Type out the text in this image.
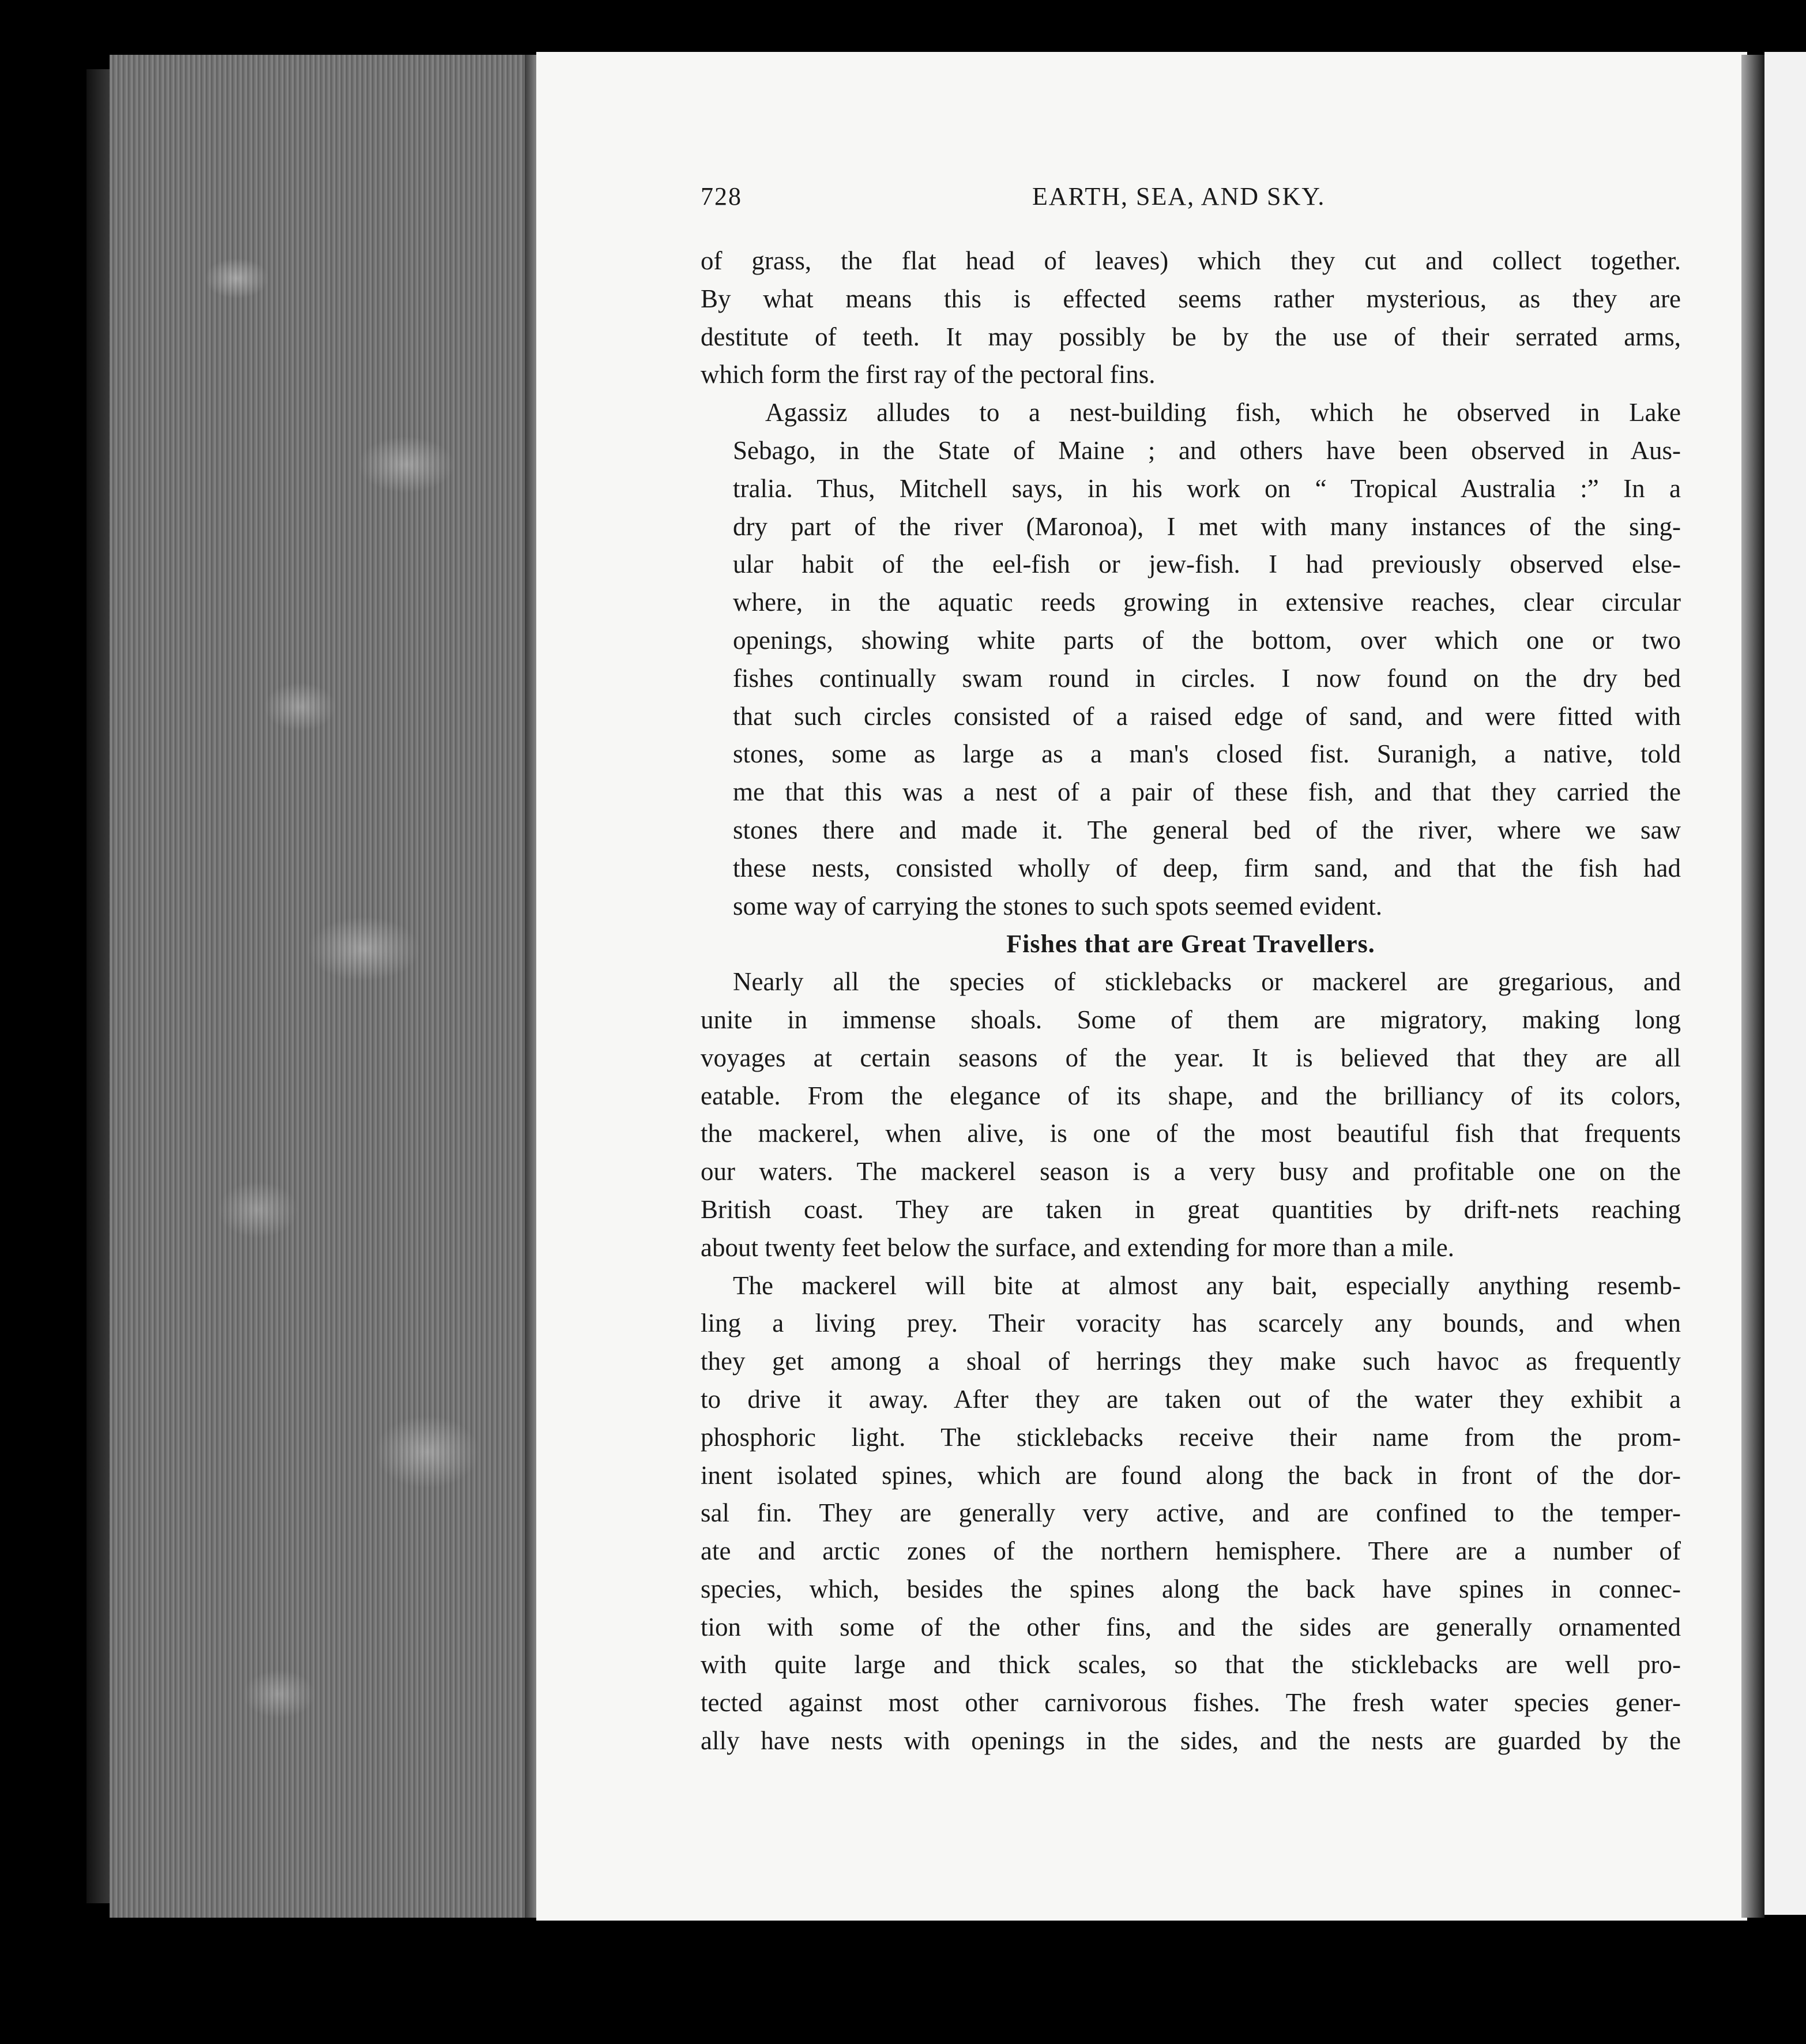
728	EARTH, SEA, AND SKY.

of grass, the flat head of leaves) which they cut and collect together.
By what means this is effected seems rather mysterious, as they are
destitute of teeth. It may possibly be by the use of their serrated arms,
which form the first ray of the pectoral fins.

Agassiz alludes to a nest-building fish, which he observed in Lake
Sebago, in the State of Maine ; and others have been observed in Aus-
tralia. Thus, Mitchell says, in his work on “ Tropical Australia :” In a
dry part of the river (Maronoa), I met with many instances of the sing-
ular habit of the eel-fish or jew-fish. I had previously observed else-
where, in the aquatic reeds growing in extensive reaches, clear circular
openings, showing white parts of the bottom, over which one or two
fishes continually swam round in circles. I now found on the dry bed
that such circles consisted of a raised edge of sand, and were fitted with
stones, some as large as a man's closed fist. Suranigh, a native, told
me that this was a nest of a pair of these fish, and that they carried the
stones there and made it. The general bed of the river, where we saw
these nests, consisted wholly of deep, firm sand, and that the fish had
some way of carrying the stones to such spots seemed evident.

Fishes that are Great Travellers.

Nearly all the species of sticklebacks or mackerel are gregarious, and
unite in immense shoals. Some of them are migratory, making long
voyages at certain seasons of the year. It is believed that they are all
eatable. From the elegance of its shape, and the brilliancy of its colors,
the mackerel, when alive, is one of the most beautiful fish that frequents
our waters. The mackerel season is a very busy and profitable one on the
British coast. They are taken in great quantities by drift-nets reaching
about twenty feet below the surface, and extending for more than a mile.

The mackerel will bite at almost any bait, especially anything resemb-
ling a living prey. Their voracity has scarcely any bounds, and when
they get among a shoal of herrings they make such havoc as frequently
to drive it away. After they are taken out of the water they exhibit a
phosphoric light. The sticklebacks receive their name from the prom-
inent isolated spines, which are found along the back in front of the dor-
sal fin. They are generally very active, and are confined to the temper-
ate and arctic zones of the northern hemisphere. There are a number of
species, which, besides the spines along the back have spines in connec-
tion with some of the other fins, and the sides are generally ornamented
with quite large and thick scales, so that the sticklebacks are well pro-
tected against most other carnivorous fishes. The fresh water species gener-
ally have nests with openings in the sides, and the nests are guarded by the
